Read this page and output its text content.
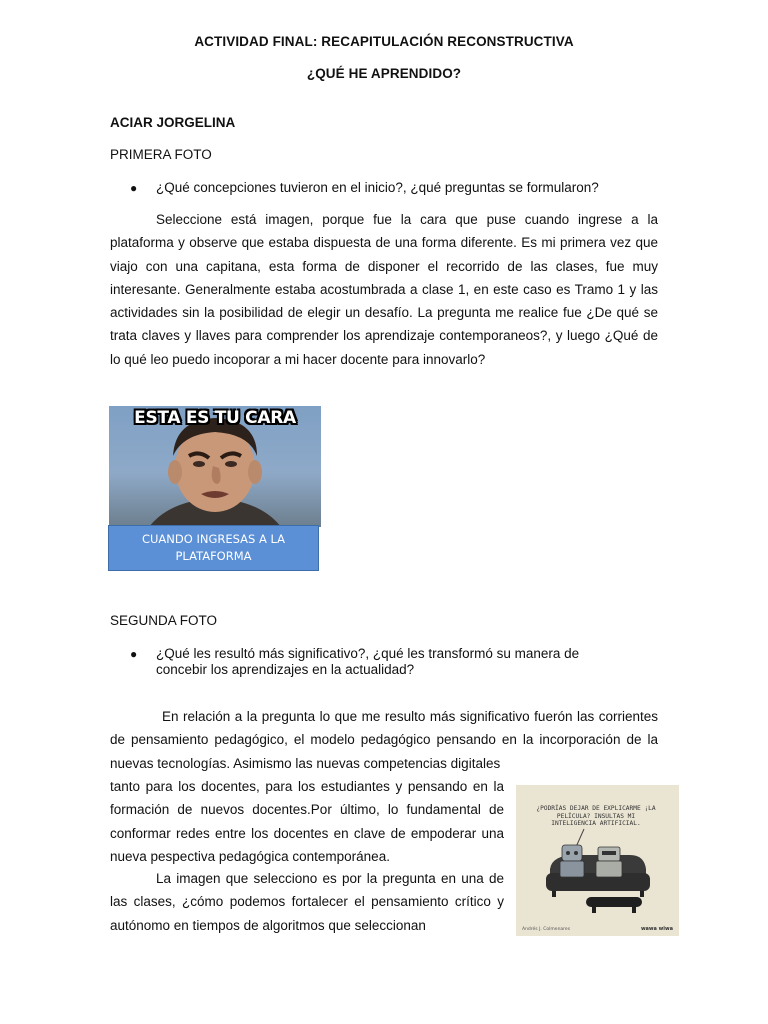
ACTIVIDAD FINAL: RECAPITULACIÓN RECONSTRUCTIVA
¿QUÉ HE APRENDIDO?
ACIAR JORGELINA
PRIMERA FOTO
●	¿Qué concepciones tuvieron en el inicio?, ¿qué preguntas se formularon?
Seleccione está imagen, porque fue la cara que puse cuando ingrese a la plataforma y observe que estaba dispuesta de una forma diferente. Es mi primera vez que viajo con una capitana, esta forma de disponer el recorrido de las clases, fue muy interesante. Generalmente estaba acostumbrada a clase 1, en este caso es Tramo 1 y las actividades sin la posibilidad de elegir un desafío. La pregunta me realice fue ¿De qué se trata claves y llaves para comprender los aprendizaje contemporaneos?, y luego ¿Qué de lo qué leo puedo incoporar a mi hacer docente para innovarlo?
ESTA ES TU CARA
CUANDO INGRESAS A LA PLATAFORMA
SEGUNDA FOTO
●	¿Qué les resultó más significativo?, ¿qué les transformó su manera de concebir los aprendizajes en la actualidad?
En relación a la pregunta lo que me resulto más significativo fuerón las corrientes de pensamiento pedagógico, el modelo pedagógico pensando en la incorporación de la nuevas tecnologías. Asimismo las nuevas competencias digitales
tanto para los docentes, para los estudiantes y pensando en la formación de nuevos docentes.Por último, lo fundamental de conformar redes entre los docentes en clave de empoderar una nueva pespectiva pedagógica contemporánea.
La imagen que selecciono es por la pregunta en una de las clases, ¿cómo podemos fortalecer el pensamiento crítico y autónomo en tiempos de algoritmos que seleccionan
¿PODRÍAS DEJAR DE EXPLICARME ¡LA PELÍCULA? INSULTAS MI INTELIGENCIA ARTIFICIAL.
Andrés J. Colmenares	wawa wiwa
